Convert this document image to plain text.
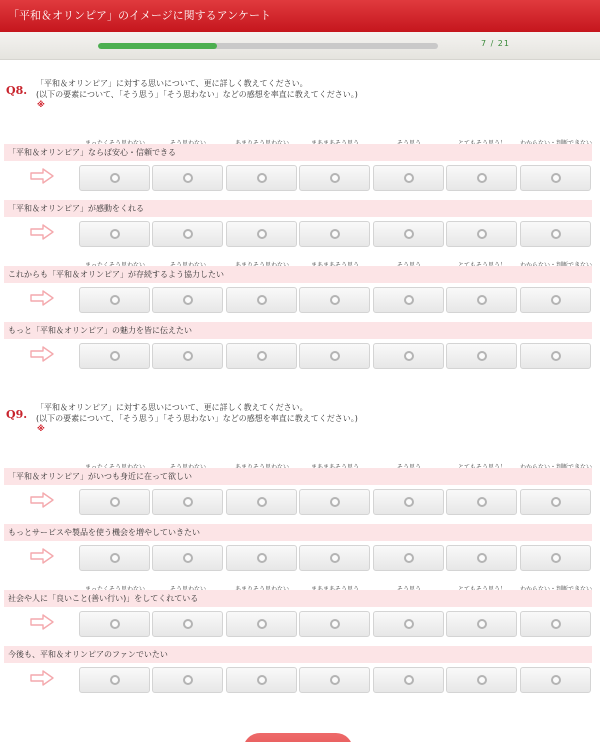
「平和＆オリンピア」のイメージに関するアンケート
7 / 21
Q8.
「平和＆オリンピア」に対する思いについて、更に詳しく教えてください。
(以下の要素について、「そう思う」「そう思わない」などの感想を率直に教えてください。)
※
「平和＆オリンピア」ならば安心・信頼できる
「平和＆オリンピア」が感動をくれる
これからも「平和＆オリンピア」が存続するよう協力したい
もっと「平和＆オリンピア」の魅力を皆に伝えたい
Q9.
「平和＆オリンピア」に対する思いについて、更に詳しく教えてください。
(以下の要素について、「そう思う」「そう思わない」などの感想を率直に教えてください。)
※
「平和＆オリンピア」がいつも身近に在って欲しい
もっとサービスや製品を使う機会を増やしていきたい
社会や人に「良いこと(善い行い)」をしてくれている
今後も、平和＆オリンピアのファンでいたい
